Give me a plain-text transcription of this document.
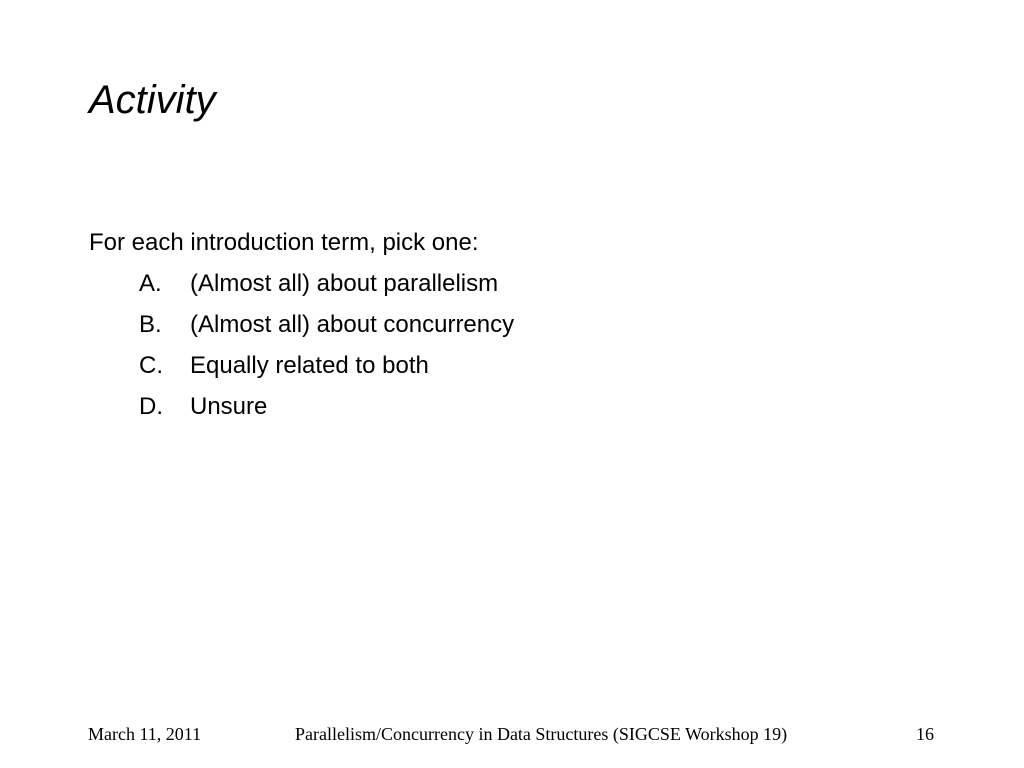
Activity
For each introduction term, pick one:
A. (Almost all) about parallelism
B. (Almost all) about concurrency
C. Equally related to both
D. Unsure
March 11, 2011	Parallelism/Concurrency in Data Structures (SIGCSE Workshop 19)	16
